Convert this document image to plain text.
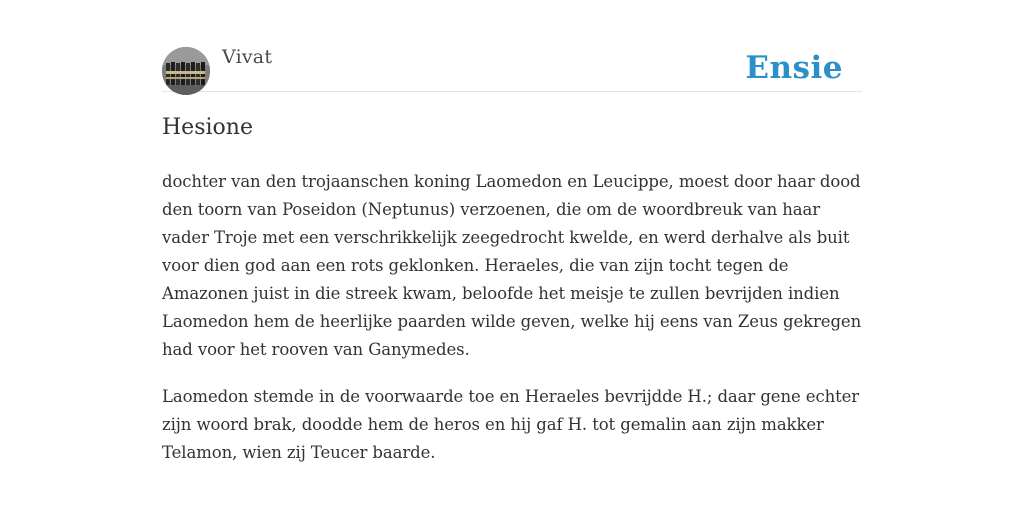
Vivat	Ensie
Hesione

dochter van den trojaanschen koning Laomedon en Leucippe, moest door haar dood den toorn van Poseidon (Neptunus) verzoenen, die om de woordbreuk van haar vader Troje met een verschrikkelijk zeegedrocht kwelde, en werd derhalve als buit voor dien god aan een rots geklonken. Heraeles, die van zijn tocht tegen de Amazonen juist in die streek kwam, beloofde het meisje te zullen bevrijden indien Laomedon hem de heerlijke paarden wilde geven, welke hij eens van Zeus gekregen had voor het rooven van Ganymedes.

Laomedon stemde in de voorwaarde toe en Heraeles bevrijdde H.; daar gene echter zijn woord brak, doodde hem de heros en hij gaf H. tot gemalin aan zijn makker Telamon, wien zij Teucer baarde.
